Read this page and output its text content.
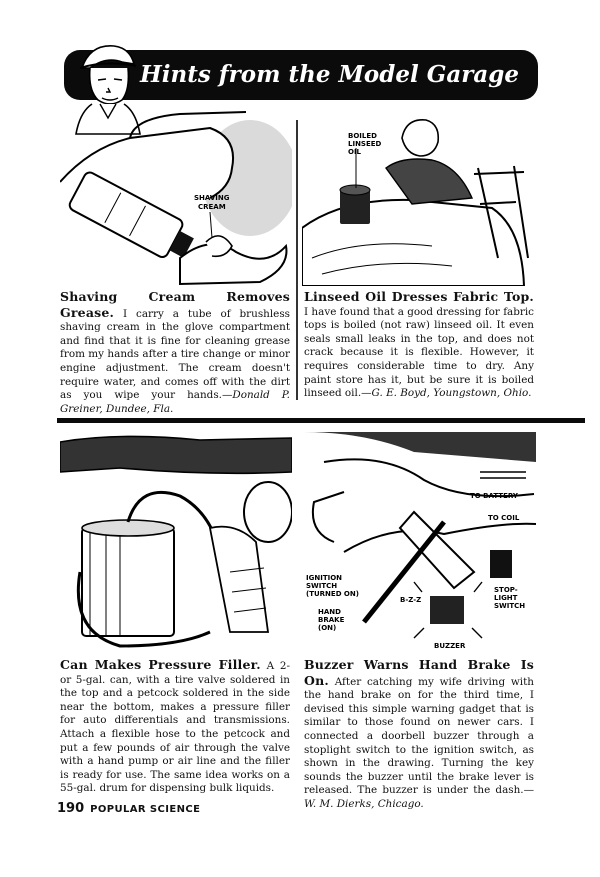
Hints from the Model Garage
SHAVING
CREAM
BOILED
LINSEED
OIL
Shaving Cream Removes Grease. I carry a tube of brushless shaving cream in the glove compartment and find that it is fine for cleaning grease from my hands after a tire change or minor engine adjustment. The cream doesn't require water, and comes off with the dirt as you wipe your hands.—Donald P. Greiner, Dundee, Fla.
Linseed Oil Dresses Fabric Top. I have found that a good dressing for fabric tops is boiled (not raw) linseed oil. It even seals small leaks in the top, and does not crack because it is flexible. However, it requires considerable time to dry. Any paint store has it, but be sure it is boiled linseed oil.—G. E. Boyd, Youngstown, Ohio.
TO BATTERY
TO COIL
IGNITION
SWITCH
(TURNED ON)
HAND
BRAKE
(ON)
B-Z-Z
STOP-
LIGHT
SWITCH
BUZZER
Can Makes Pressure Filler. A 2- or 5-gal. can, with a tire valve soldered in the top and a petcock soldered in the side near the bottom, makes a pressure filler for auto differentials and transmissions. Attach a flexible hose to the petcock and put a few pounds of air through the valve with a hand pump or air line and the filler is ready for use. The same idea works on a 55-gal. drum for dispensing bulk liquids.
Buzzer Warns Hand Brake Is On. After catching my wife driving with the hand brake on for the third time, I devised this simple warning gadget that is similar to those found on newer cars. I connected a doorbell buzzer through a stoplight switch to the ignition switch, as shown in the drawing. Turning the key sounds the buzzer until the brake lever is released. The buzzer is under the dash.—W. M. Dierks, Chicago.
190 POPULAR SCIENCE
